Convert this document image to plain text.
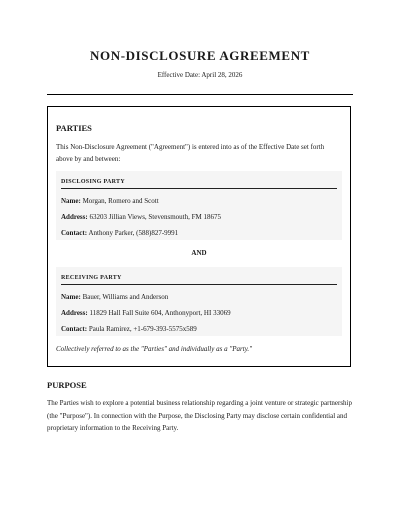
NON-DISCLOSURE AGREEMENT
Effective Date: April 28, 2026
PARTIES
This Non-Disclosure Agreement ("Agreement") is entered into as of the Effective Date set forth above by and between:
DISCLOSING PARTY
Name: Morgan, Romero and Scott
Address: 63203 Jillian Views, Stevensmouth, FM 18675
Contact: Anthony Parker, (588)827-9991
AND
RECEIVING PARTY
Name: Bauer, Williams and Anderson
Address: 11829 Hall Fall Suite 604, Anthonyport, HI 33069
Contact: Paula Ramirez, +1-679-393-5575x589
Collectively referred to as the "Parties" and individually as a "Party."
PURPOSE
The Parties wish to explore a potential business relationship regarding a joint venture or strategic partnership (the "Purpose"). In connection with the Purpose, the Disclosing Party may disclose certain confidential and proprietary information to the Receiving Party.
